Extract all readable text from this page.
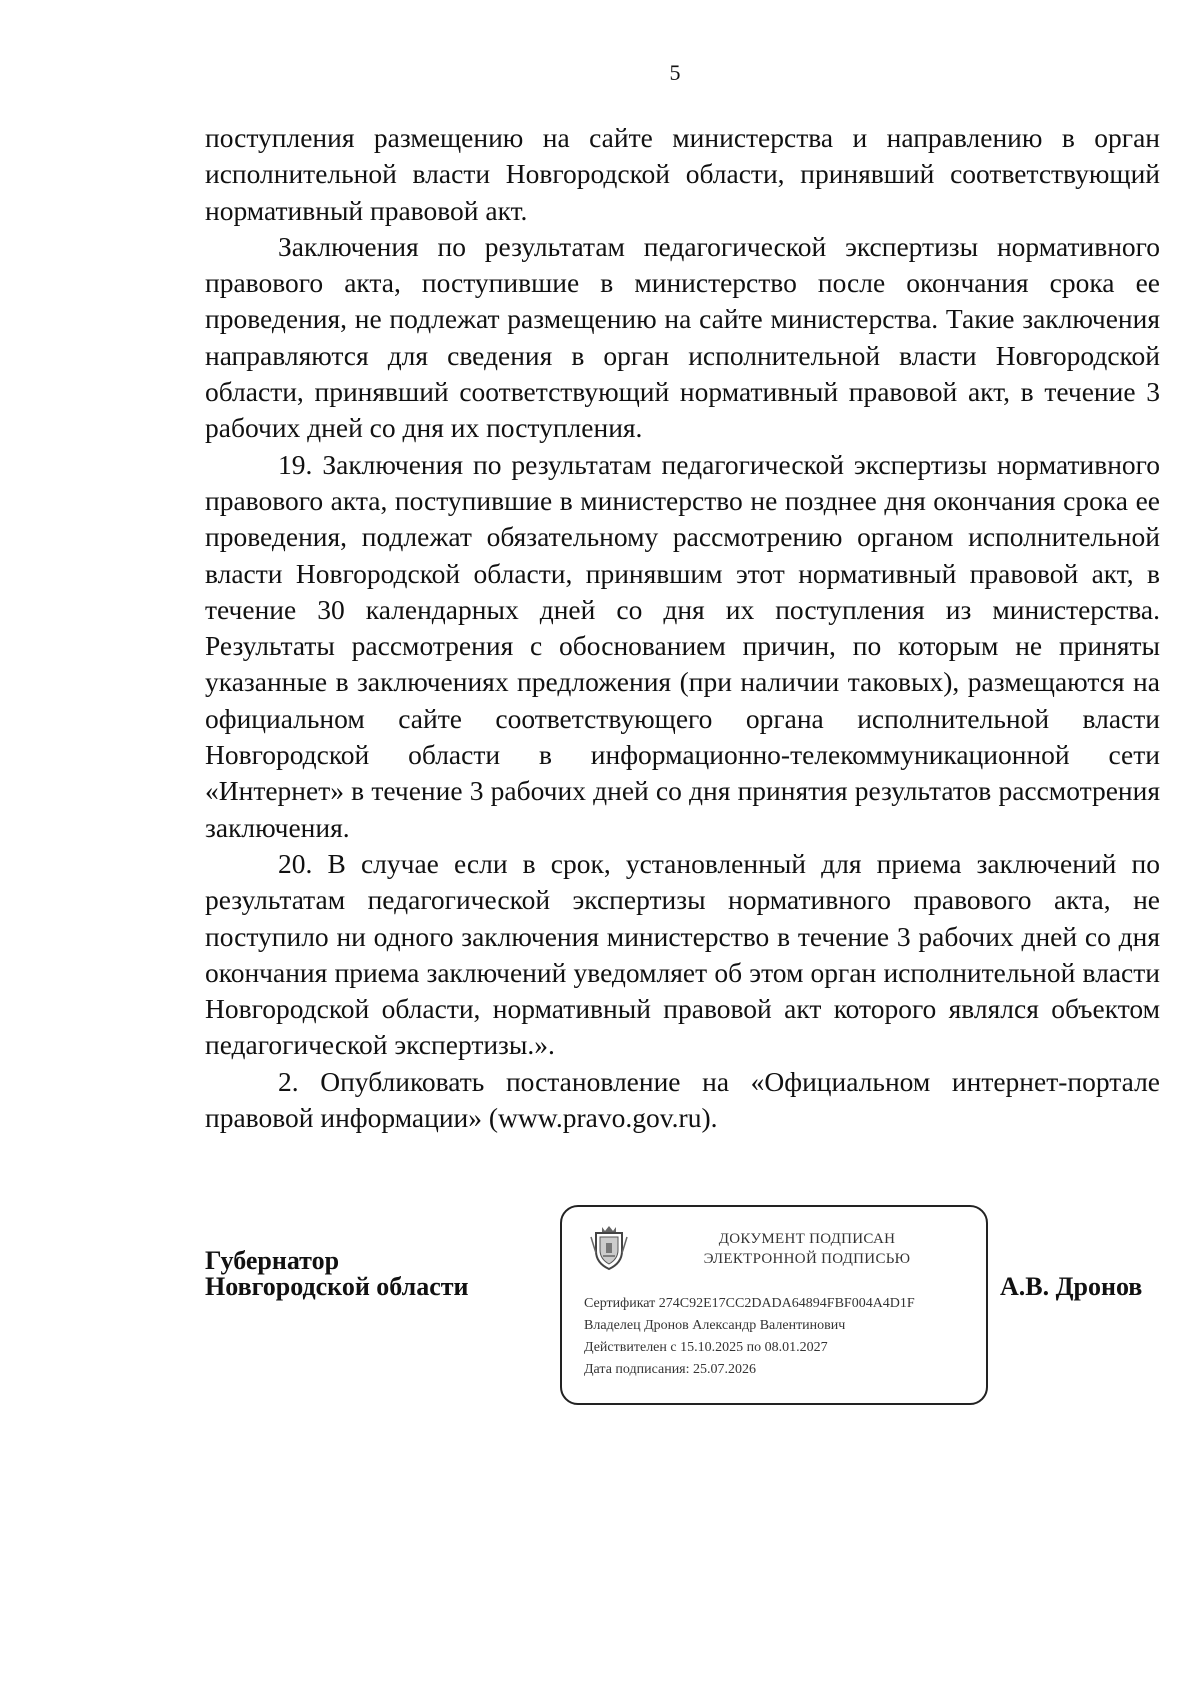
5

поступления размещению на сайте министерства и направлению в орган исполнительной власти Новгородской области, принявший соответствующий нормативный правовой акт.

Заключения по результатам педагогической экспертизы нормативного правового акта, поступившие в министерство после окончания срока ее проведения, не подлежат размещению на сайте министерства. Такие заключения направляются для сведения в орган исполнительной власти Новгородской области, принявший соответствующий нормативный правовой акт, в течение 3 рабочих дней со дня их поступления.

19. Заключения по результатам педагогической экспертизы нормативного правового акта, поступившие в министерство не позднее дня окончания срока ее проведения, подлежат обязательному рассмотрению органом исполнительной власти Новгородской области, принявшим этот нормативный правовой акт, в течение 30 календарных дней со дня их поступления из министерства. Результаты рассмотрения с обоснованием причин, по которым не приняты указанные в заключениях предложения (при наличии таковых), размещаются на официальном сайте соответствующего органа исполнительной власти Новгородской области в информационно-телекоммуникационной сети «Интернет» в течение 3 рабочих дней со дня принятия результатов рассмотрения заключения.

20. В случае если в срок, установленный для приема заключений по результатам педагогической экспертизы нормативного правового акта, не поступило ни одного заключения министерство в течение 3 рабочих дней со дня окончания приема заключений уведомляет об этом орган исполнительной власти Новгородской области, нормативный правовой акт которого являлся объектом педагогической экспертизы.».

2. Опубликовать постановление на «Официальном интернет-портале правовой информации» (www.pravo.gov.ru).

Губернатор
Новгородской области
ДОКУМЕНТ ПОДПИСАН
ЭЛЕКТРОННОЙ ПОДПИСЬЮ
Сертификат 274C92E17CC2DADA64894FBF004A4D1F
Владелец Дронов Александр Валентинович
Действителен с 15.10.2025 по 08.01.2027
Дата подписания: 25.07.2026
А.В. Дронов
